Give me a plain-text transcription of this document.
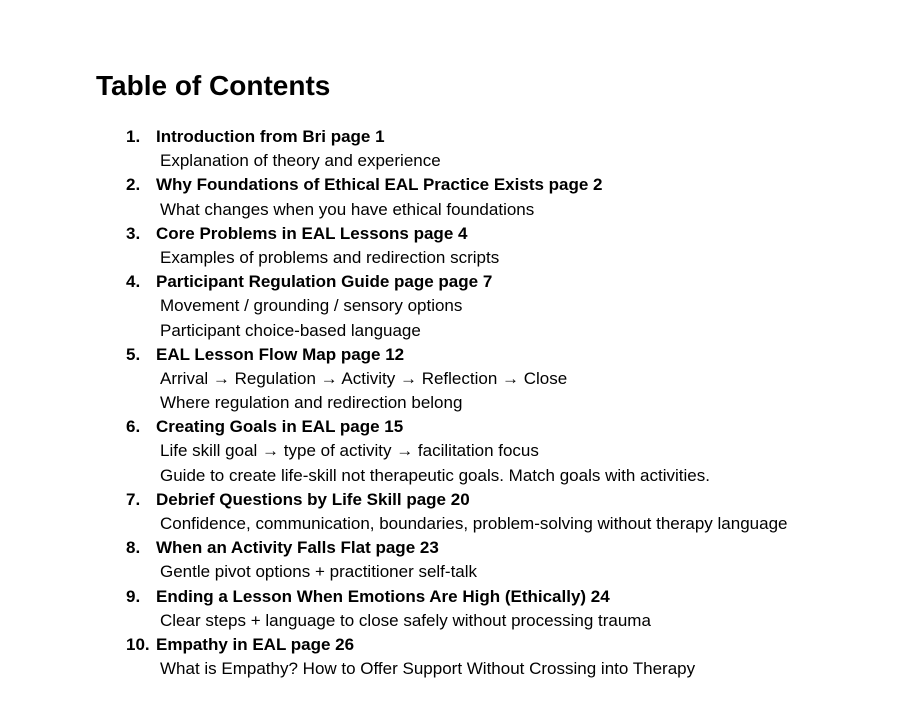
Table of Contents
1. Introduction from Bri page 1
Explanation of theory and experience
2. Why Foundations of Ethical EAL Practice Exists page 2
What changes when you have ethical foundations
3. Core Problems in EAL Lessons page 4
Examples of problems and redirection scripts
4. Participant Regulation Guide page page 7
Movement / grounding / sensory options
Participant choice-based language
5. EAL Lesson Flow Map page 12
Arrival → Regulation → Activity → Reflection → Close
Where regulation and redirection belong
6. Creating Goals in EAL page 15
Life skill goal → type of activity → facilitation focus
Guide to create life-skill not therapeutic goals. Match goals with activities.
7. Debrief Questions by Life Skill page 20
Confidence, communication, boundaries, problem-solving without therapy language
8. When an Activity Falls Flat page 23
Gentle pivot options + practitioner self-talk
9. Ending a Lesson When Emotions Are High (Ethically) 24
Clear steps + language to close safely without processing trauma
10. Empathy in EAL page 26
What is Empathy? How to Offer Support Without Crossing into Therapy
